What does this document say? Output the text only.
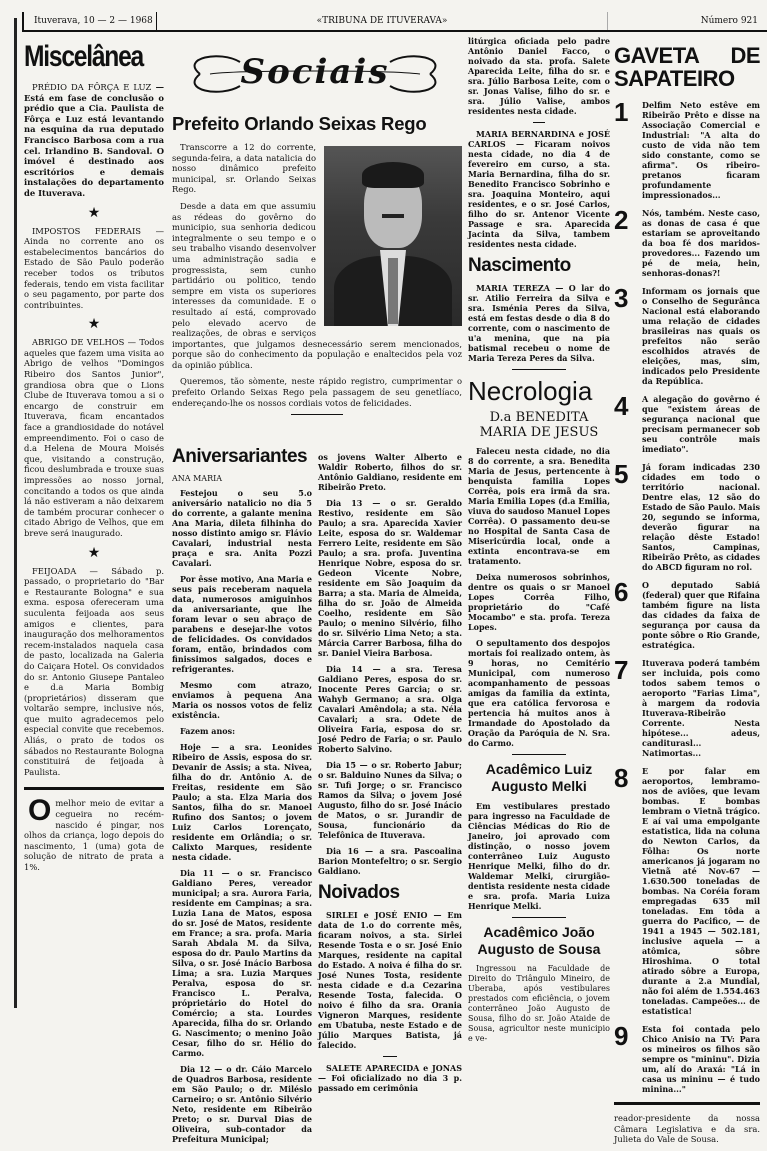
Ituverava, 10 — 2 — 1968	«TRIBUNA DE ITUVERAVA»	Número 921
Miscelânea

PRÉDIO DA FÔRÇA E LUZ — Está em fase de conclusão o prédio que a Cia. Paulista de Fôrça e Luz está levantando na esquina da rua deputado Francisco Barbosa com a rua cel. Irlandino B. Sandoval. O imóvel é destinado aos escritórios e demais instalações do departamento de Ituverava.

★

IMPOSTOS FEDERAIS — Ainda no corrente ano os estabelecimentos bancários do Estado de São Paulo poderão receber todos os tributos federais, tendo em vista facilitar o seu pagamento, por parte dos contribuintes.

★

ABRIGO DE VELHOS — Todos aqueles que fazem uma visita ao Abrigo de velhos "Domingos Ribeiro dos Santos Junior", grandiosa obra que o Lions Clube de Ituverava tomou a si o encargo de construir em Ituverava, ficam encantados face a grandiosidade do notável empreendimento. Foi o caso de d.a Helena de Moura Moisés que, visitando a construção, ficou deslumbrada e trouxe suas impressões ao nosso jornal, concitando a todos os que ainda lá não estiveram a não deixarem de também procurar conhecer o citado Abrigo de Velhos, que em breve será inaugurado.

★

FEIJOADA — Sábado p. passado, o proprietario do "Bar e Restaurante Bologna" e sua exma. esposa ofereceram uma suculenta feijoada aos seus amigos e clientes, para inauguração dos melhoramentos recem-instalados naquela casa de pasto, localizada na Galeria do Caiçara Hotel. Os convidados do sr. Antonio Giusepe Pantaleo e d.a Maria Bombig (proprietários) disseram que voltarão sempre, inclusive nós, que muito agradecemos pelo especial convite que recebemos. Aliás, o prato de todos os sábados no Restaurante Bologna constituirá de feijoada à Paulista.

O melhor meio de evitar a cegueira no recém-nascido é pingar, nos olhos da criança, logo depois do nascimento, 1 (uma) gota de solução de nitrato de prata a 1%.
Sociais
Prefeito Orlando Seixas Rego

Transcorre a 12 do corrente, segunda-feira, a data natalicia do nosso dinâmico prefeito municipal, sr. Orlando Seixas Rego.

Desde a data em que assumiu as rédeas do govêrno do municipio, sua senhoria dedicou integralmente o seu tempo e o seu trabalho visando desenvolver uma administração sadia e progressista, sem cunho partidário ou politico, tendo sempre em vista os superiores interesses da comunidade. E o resultado aí está, comprovado pelo elevado acervo de realizações, de obras e serviços importantes, que julgamos desnecessário serem mencionados, porque são do conhecimento da população e enaltecidos pela voz da opinião pública.

Queremos, tão sòmente, neste rápido registro, cumprimentar o prefeito Orlando Seixas Rego pela passagem de seu genetlíaco, endereçando-lhe os nossos cordiais votos de felicidades.

Aniversariantes
ANA MARIA

Festejou o seu 5.o aniversário natalicio no dia 5 do corrente, a galante menina Ana Maria, dileta filhinha do nosso distinto amigo sr. Flávio Cavalari, industrial nesta praça e sra. Anita Pozzi Cavalari.

Por êsse motivo, Ana Maria e seus pais receberam naquela data, numerosos amiguinhos da aniversariante, que lhe foram levar o seu abraço de parabens e desejar-lhe votos de felicidades. Os convidados foram, então, brindados com finissimos salgados, doces e refrigerantes.

Mesmo com atrazo, enviamos à pequena Ana Maria os nossos votos de feliz existência.

Fazem anos:

Hoje — a sra. Leonides Ribeiro de Assis, esposa do sr. Devanir de Assis; a sta. Nivea, filha do dr. Antônio A. de Freitas, residente em São Paulo; a sta. Elza Maria dos Santos, filha do sr. Manoel Rufino dos Santos; o jovem Luiz Carlos Lorençato, residente em Orlândia; o sr. Calixto Marques, residente nesta cidade.

Dia 11 — o sr. Francisco Galdiano Peres, vereador municipal; a sra. Aurora Faria, residente em Campinas; a sra. Luzia Lana de Matos, esposa do sr. José de Matos, residente em France; a sra. profa. Maria Sarah Abdala M. da Silva, esposa do dr. Paulo Martins da Silva, o sr. José Inácio Barbosa Lima; a sra. Luzia Marques Peralva, esposa do sr. Francisco L. Peralva, próprietário do Hotel do Comércio; a sta. Lourdes Aparecida, filha do sr. Orlando G. Nascimento; o menino João Cesar, filho do sr. Hélio do Carmo.

Dia 12 — o dr. Cáio Marcelo de Quadros Barbosa, residente em São Paulo; o dr. Miléslo Carneiro; o sr. Antônio Silvério Neto, residente em Ribeirão Preto; o sr. Durval Dias de Oliveira, sub-contador da Prefeitura Municipal;

os jovens Walter Alberto e Waldir Roberto, filhos do sr. Antônio Galdiano, residente em Ribeirão Preto.

Dia 13 — o sr. Geraldo Restivo, residente em São Paulo; a sra. Aparecida Xavier Leite, esposa do sr. Waldemar Ferrero Leite, residente em São Paulo; a sra. profa. Juventina Henrique Nobre, esposa do sr. Gedeon Vicente Nobre, residente em São Joaquim da Barra; a sta. Maria de Almeida, filha do sr. João de Almeida Coelho, residente em São Paulo; o menino Silvério, filho do sr. Silvério Lima Neto; a sta. Márcia Carrer Barbosa, filha do sr. Daniel Vieira Barbosa.

Dia 14 — a sra. Teresa Galdiano Peres, esposa do sr. Inocente Peres Garcia; o sr. Wahyb Germano; a sra. Olga Cavalari Amêndola; a sta. Néla Cavalari; a sra. Odete de Oliveira Faria, esposa do sr. José Pedro de Faria; o sr. Paulo Roberto Salvino.

Dia 15 — o sr. Roberto Jabur; o sr. Balduino Nunes da Silva; o sr. Tufi Jorge; o sr. Francisco Ramos da Silva; o jovem José Augusto, filho do sr. José Inácio de Matos, o sr. Jurandir de Sousa, funcionário da Telefônica de Ituverava.

Dia 16 — a sra. Pascoalina Barion Montefeltro; o sr. Sergio Galdiano.

Noivados

SIRLEI e JOSÉ ENIO — Em data de 1.o do corrente mês, ficaram noivos, a sta. Sirlei Resende Tosta e o sr. José Enio Marques, residente na capital do Estado. A noiva é filha do sr. José Nunes Tosta, residente nesta cidade e d.a Cezarina Resende Tosta, falecida. O noivo é filho da sra. Orania Vigneron Marques, residente em Ubatuba, neste Estado e de Júlio Marques Batista, já falecido.

SALETE APARECIDA e JONAS — Foi oficializado no dia 3 p. passado em cerimônia

litúrgica oficiada pelo padre Antônio Daniel Facco, o noivado da sta. profa. Salete Aparecida Leite, filha do sr. e sra. Júlio Barbosa Leite, com o sr. Jonas Valise, filho do sr. e sra. Júlio Valise, ambos residentes nesta cidade.

MARIA BERNARDINA e JOSÉ CARLOS — Ficaram noivos nesta cidade, no dia 4 de fevereiro em curso, a sta. Maria Bernardina, filha do sr. Benedito Francisco Sobrinho e sra. Joaquina Monteiro, aqui residentes, e o sr. José Carlos, filho do sr. Antenor Vicente Passage e sra. Aparecida Jacinta da Silva, tambem residentes nesta cidade.

Nascimento

MARIA TEREZA — O lar do sr. Atilio Ferreira da Silva e sra. Isménia Peres da Silva, está em festas desde o dia 8 do corrente, com o nascimento de u'a menina, que na pia batismal recebeu o nome de Maria Tereza Peres da Silva.

Necrologia
D.a BENEDITA MARIA DE JESUS

Faleceu nesta cidade, no dia 8 do corrente, a sra. Benedita Maria de Jesus, pertencente à benquista familia Lopes Corrêa, pois era irmã da sra. Maria Emilia Lopes (d.a Emilia, viuva do saudoso Manuel Lopes Corrêa). O passamento deu-se no Hospital de Santa Casa de Misericúrdia local, onde a extinta encontrava-se em tratamento.

Deixa numerosos sobrinhos, dentre os quais o sr Manoel Lopes Corrêa Filho, proprietário do "Café Mocambo" e sta. profa. Tereza Lopes.

O sepultamento dos despojos mortais foi realizado ontem, às 9 horas, no Cemitério Municipal, com numeroso acompanhamento de pessoas amigas da familia da extinta, que era católica fervorosa e pertencia há muitos anos à Irmandade do Apostolado da Oração da Paróquia de N. Sra. do Carmo.

Acadêmico Luiz Augusto Melki

Em vestibulares prestado para ingresso na Faculdade de Ciências Médicas do Rio de Janeiro, joi aprovado com distinção, o nosso jovem conterrâneo Luiz Augusto Henrique Melki, filho do dr. Waldemar Melki, cirurgião-dentista residente nesta cidade e sra. profa. Maria Luiza Henrique Melki.

Acadêmico João Augusto de Sousa

Ingressou na Faculdade de Direito do Triângulo Mineiro, de Uberaba, após vestibulares prestados com eficiência, o jovem conterrâneo João Augusto de Sousa, filho do sr. João Ataide de Sousa, agricultor neste municipio e ve-

GAVETA DE SAPATEIRO
1	Delfim Neto estêve em Ribeirão Prêto e disse na Associação Comercial e Industrial: "A alta do custo de vida não tem sido constante, como se afirma". Os ribeiro-pretanos ficaram profundamente impressionados...
2	Nós, também. Neste caso, as donas de casa é que estariam se aproveitando da boa fé dos maridos-provedores... Fazendo um pé de meia, hein, senhoras-donas?!
3	Informam os jornais que o Conselho de Segurânca Nacional está elaborando uma relação de cidades brasileiras nas quais os prefeitos não serão escolhidos através de eleições, mas, sim, indicados pelo Presidente da República.
4	A alegação do govêrno é que "existem áreas de segurança nacional que precisam permanecer sob seu contrôle mais imediato".
5	Já foram indicadas 230 cidades em todo o território nacional. Dentre elas, 12 são do Estado de São Paulo. Mais 20, segundo se informa, deverão figurar na relação dêste Estado! Santos, Campinas, Ribeirão Prêto, as cidades do ABCD figuram no rol.
6	O deputado Sabiá (federal) quer que Rifaina também figure na lista das cidades da faixa de segurança por causa da ponte sôbre o Rio Grande, estratégica.
7	Ituverava poderá também ser incluida, pois como todos sabem temos o aeroporto "Farias Lima", à margem da rodovia Ituverava-Ribeirão Corrente. Nesta hipótese... adeus, canditurasl... Natimortas...
8	E por falar em aeroportos, lembramo-nos de aviões, que levam bombas. E bombas lembram o Vietnã trágico. E aí vai uma empolgante estatistica, lida na coluna do Newton Carlos, da Fôlha: Os norte americanos já jogaram no Vietnã até Nov-67 — 1.630.500 toneladas de bombas. Na Coréia foram empregadas 635 mil toneladas. Em tôda a guerra do Pacifico, — de 1941 a 1945 — 502.181, inclusive aquela — a atômica, sôbre Hiroshima. O total atirado sôbre a Europa, durante a 2.a Mundial, não foi além de 1.554.463 toneladas. Campeões... de estatistica!
9	Esta foi contada pelo Chico Anisio na TV: Para os mineiros os filhos são sempre os "mininu". Dizia um, alí do Araxá: "Lá in casa us mininu — é tudo minina..."

reador-presidente da nossa Câmara Legislativa e da sra. Julieta do Vale de Sousa.
